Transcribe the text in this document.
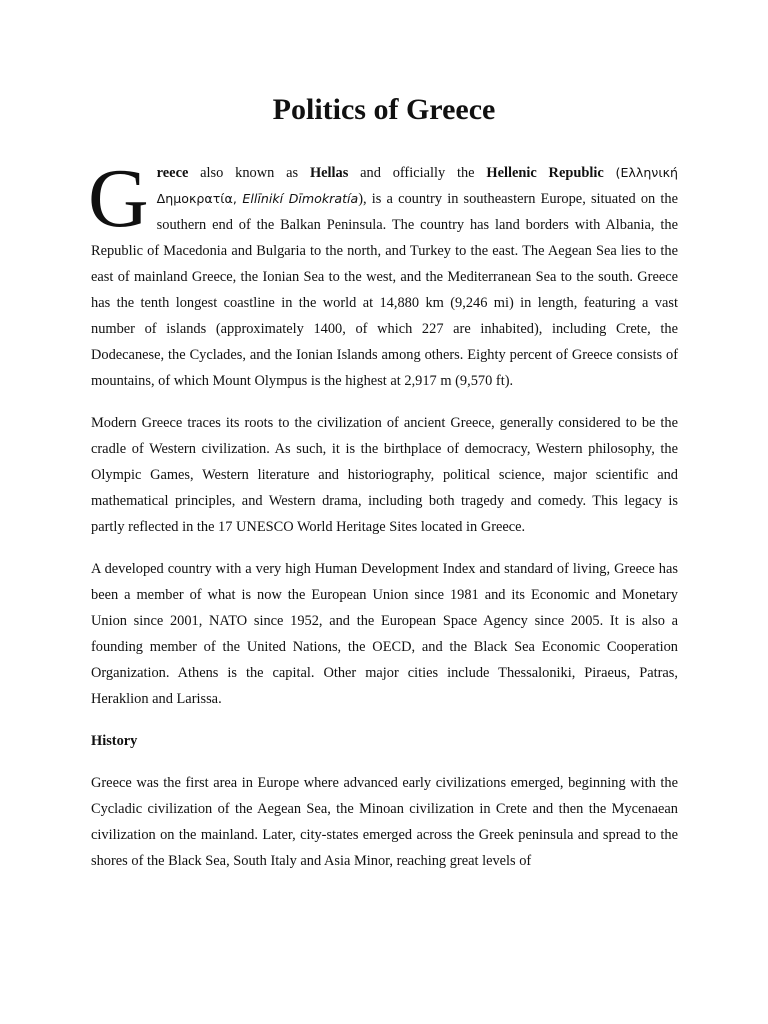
Politics of Greece

Greece also known as Hellas and officially the Hellenic Republic (Ελληνική Δημοκρατία, Ellīnikí Dīmokratía), is a country in southeastern Europe, situated on the southern end of the Balkan Peninsula. The country has land borders with Albania, the Republic of Macedonia and Bulgaria to the north, and Turkey to the east. The Aegean Sea lies to the east of mainland Greece, the Ionian Sea to the west, and the Mediterranean Sea to the south. Greece has the tenth longest coastline in the world at 14,880 km (9,246 mi) in length, featuring a vast number of islands (approximately 1400, of which 227 are inhabited), including Crete, the Dodecanese, the Cyclades, and the Ionian Islands among others. Eighty percent of Greece consists of mountains, of which Mount Olympus is the highest at 2,917 m (9,570 ft).

Modern Greece traces its roots to the civilization of ancient Greece, generally considered to be the cradle of Western civilization. As such, it is the birthplace of democracy, Western philosophy, the Olympic Games, Western literature and historiography, political science, major scientific and mathematical principles, and Western drama, including both tragedy and comedy. This legacy is partly reflected in the 17 UNESCO World Heritage Sites located in Greece.

A developed country with a very high Human Development Index and standard of living, Greece has been a member of what is now the European Union since 1981 and its Economic and Monetary Union since 2001, NATO since 1952, and the European Space Agency since 2005. It is also a founding member of the United Nations, the OECD, and the Black Sea Economic Cooperation Organization. Athens is the capital. Other major cities include Thessaloniki, Piraeus, Patras, Heraklion and Larissa.

History

Greece was the first area in Europe where advanced early civilizations emerged, beginning with the Cycladic civilization of the Aegean Sea, the Minoan civilization in Crete and then the Mycenaean civilization on the mainland. Later, city-states emerged across the Greek peninsula and spread to the shores of the Black Sea, South Italy and Asia Minor, reaching great levels of
